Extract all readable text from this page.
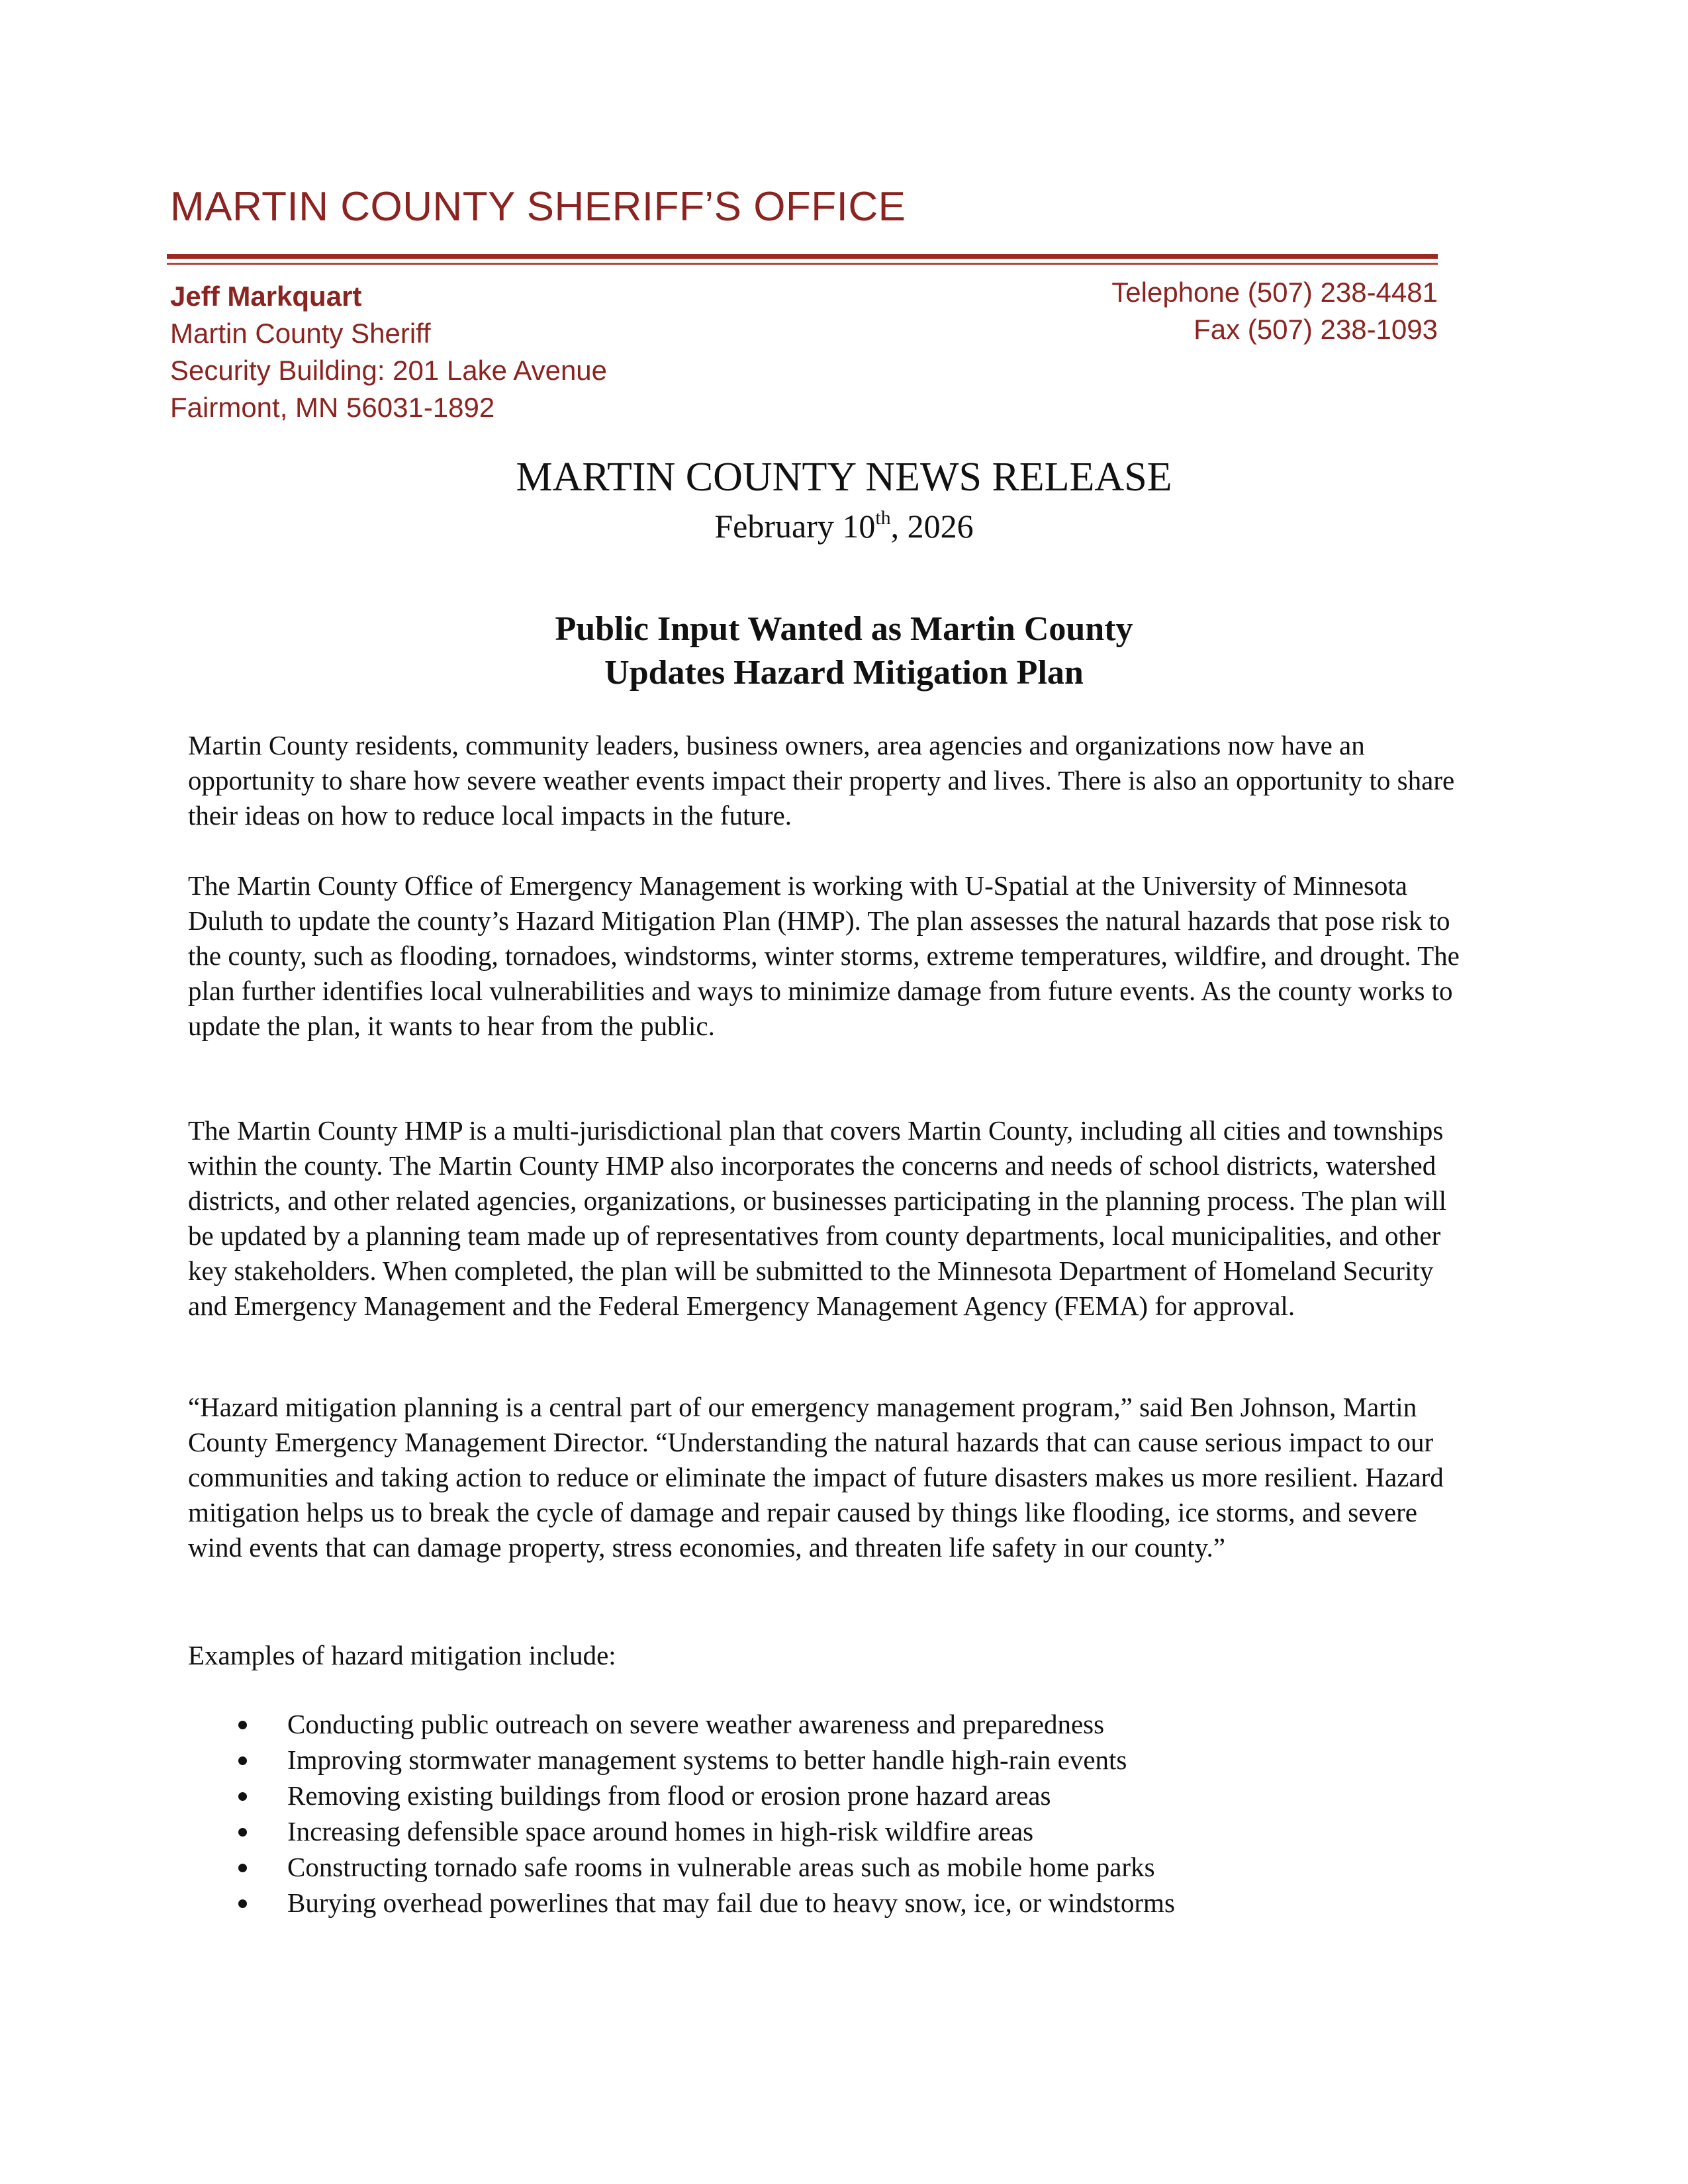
MARTIN COUNTY SHERIFF’S OFFICE
Jeff Markquart
Martin County Sheriff
Security Building: 201 Lake Avenue
Fairmont, MN 56031-1892
Telephone (507) 238-4481
Fax (507) 238-1093
MARTIN COUNTY NEWS RELEASE
February 10th, 2026
Public Input Wanted as Martin County
Updates Hazard Mitigation Plan

Martin County residents, community leaders, business owners, area agencies and organizations now have an opportunity to share how severe weather events impact their property and lives. There is also an opportunity to share their ideas on how to reduce local impacts in the future.

The Martin County Office of Emergency Management is working with U-Spatial at the University of Minnesota Duluth to update the county’s Hazard Mitigation Plan (HMP). The plan assesses the natural hazards that pose risk to the county, such as flooding, tornadoes, windstorms, winter storms, extreme temperatures, wildfire, and drought. The plan further identifies local vulnerabilities and ways to minimize damage from future events. As the county works to update the plan, it wants to hear from the public.

The Martin County HMP is a multi-jurisdictional plan that covers Martin County, including all cities and townships within the county. The Martin County HMP also incorporates the concerns and needs of school districts, watershed districts, and other related agencies, organizations, or businesses participating in the planning process. The plan will be updated by a planning team made up of representatives from county departments, local municipalities, and other key stakeholders. When completed, the plan will be submitted to the Minnesota Department of Homeland Security and Emergency Management and the Federal Emergency Management Agency (FEMA) for approval.

“Hazard mitigation planning is a central part of our emergency management program,” said Ben Johnson, Martin County Emergency Management Director. “Understanding the natural hazards that can cause serious impact to our communities and taking action to reduce or eliminate the impact of future disasters makes us more resilient. Hazard mitigation helps us to break the cycle of damage and repair caused by things like flooding, ice storms, and severe wind events that can damage property, stress economies, and threaten life safety in our county.”

Examples of hazard mitigation include:

Conducting public outreach on severe weather awareness and preparedness
Improving stormwater management systems to better handle high-rain events
Removing existing buildings from flood or erosion prone hazard areas
Increasing defensible space around homes in high-risk wildfire areas
Constructing tornado safe rooms in vulnerable areas such as mobile home parks
Burying overhead powerlines that may fail due to heavy snow, ice, or windstorms
